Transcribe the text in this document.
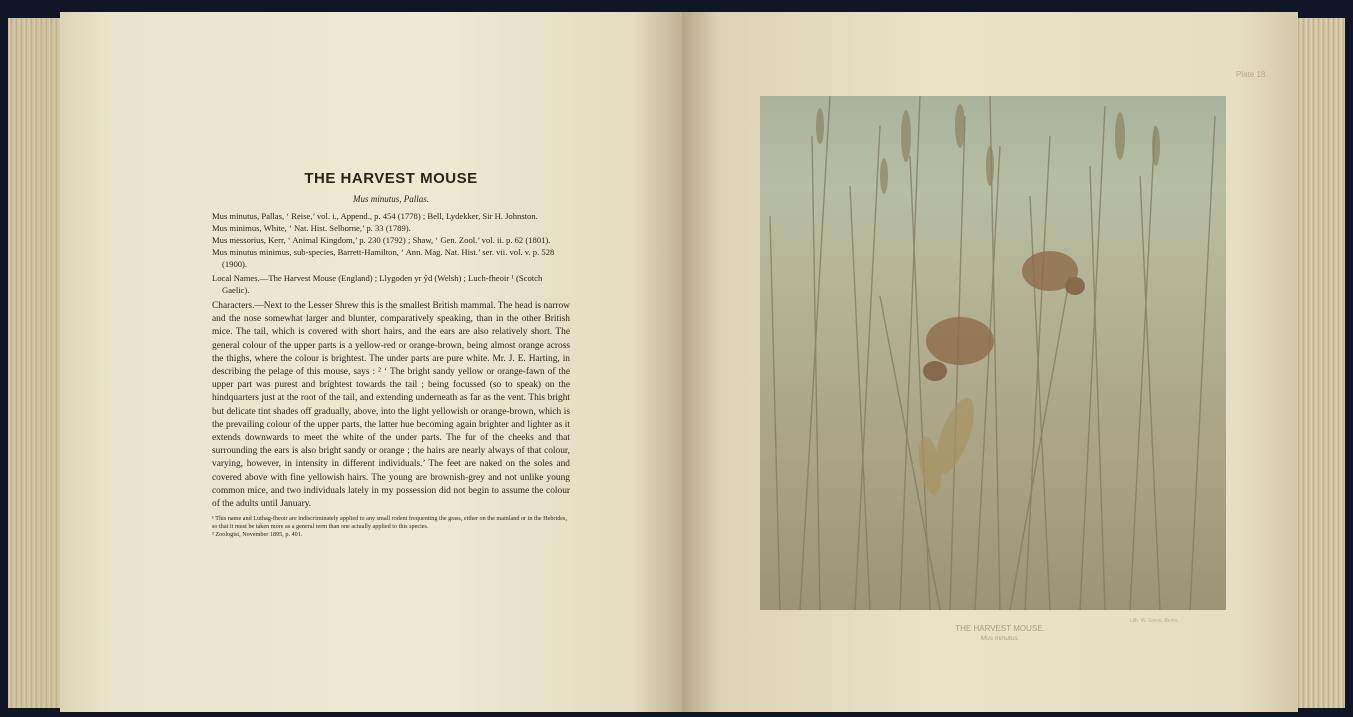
THE HARVEST MOUSE
Mus minutus, Pallas.

Mus minutus, Pallas, ‘ Reise,’ vol. i., Append., p. 454 (1778) ; Bell, Lydekker, Sir H. Johnston.

Mus minimus, White, ‘ Nat. Hist. Selborne,’ p. 33 (1789).

Mus messorius, Kerr, ‘ Animal Kingdom,’ p. 230 (1792) ; Shaw, ‘ Gen. Zool.’ vol. ii. p. 62 (1801).

Mus minutus minimus, sub-species, Barrett-Hamilton, ‘ Ann. Mag. Nat. Hist.’ ser. vii. vol. v. p. 528 (1900).

Local Names.—The Harvest Mouse (England) ; Llygoden yr ŷd (Welsh) ; Luch-fheoir ¹ (Scotch Gaelic).

Characters.—Next to the Lesser Shrew this is the smallest British mammal. The head is narrow and the nose somewhat larger and blunter, comparatively speaking, than in the other British mice. The tail, which is covered with short hairs, and the ears are also relatively short. The general colour of the upper parts is a yellow-red or orange-brown, being almost orange across the thighs, where the colour is brightest. The under parts are pure white. Mr. J. E. Harting, in describing the pelage of this mouse, says : ² ‘ The bright sandy yellow or orange-fawn of the upper part was purest and brightest towards the tail ; being focussed (so to speak) on the hindquarters just at the root of the tail, and extending underneath as far as the vent. This bright but delicate tint shades off gradually, above, into the light yellowish or orange-brown, which is the prevailing colour of the upper parts, the latter hue becoming again brighter and lighter as it extends downwards to meet the white of the under parts. The fur of the cheeks and that surrounding the ears is also bright sandy or orange ; the hairs are nearly always of that colour, varying, however, in intensity in different individuals.’ The feet are naked on the soles and covered above with fine yellowish hairs. The young are brownish-grey and not unlike young common mice, and two individuals lately in my possession did not begin to assume the colour of the adults until January.

¹ This name and Luthag-fheoir are indiscriminately applied to any small rodent frequenting the grass, either on the mainland or in the Hebrides, so that it must be taken more as a general term than one actually applied to this species.

² Zoologist, November 1895, p. 401.

Plate 18.
THE HARVEST MOUSE.
Mus minutus.
Lith. W. Greve, Berlin.
